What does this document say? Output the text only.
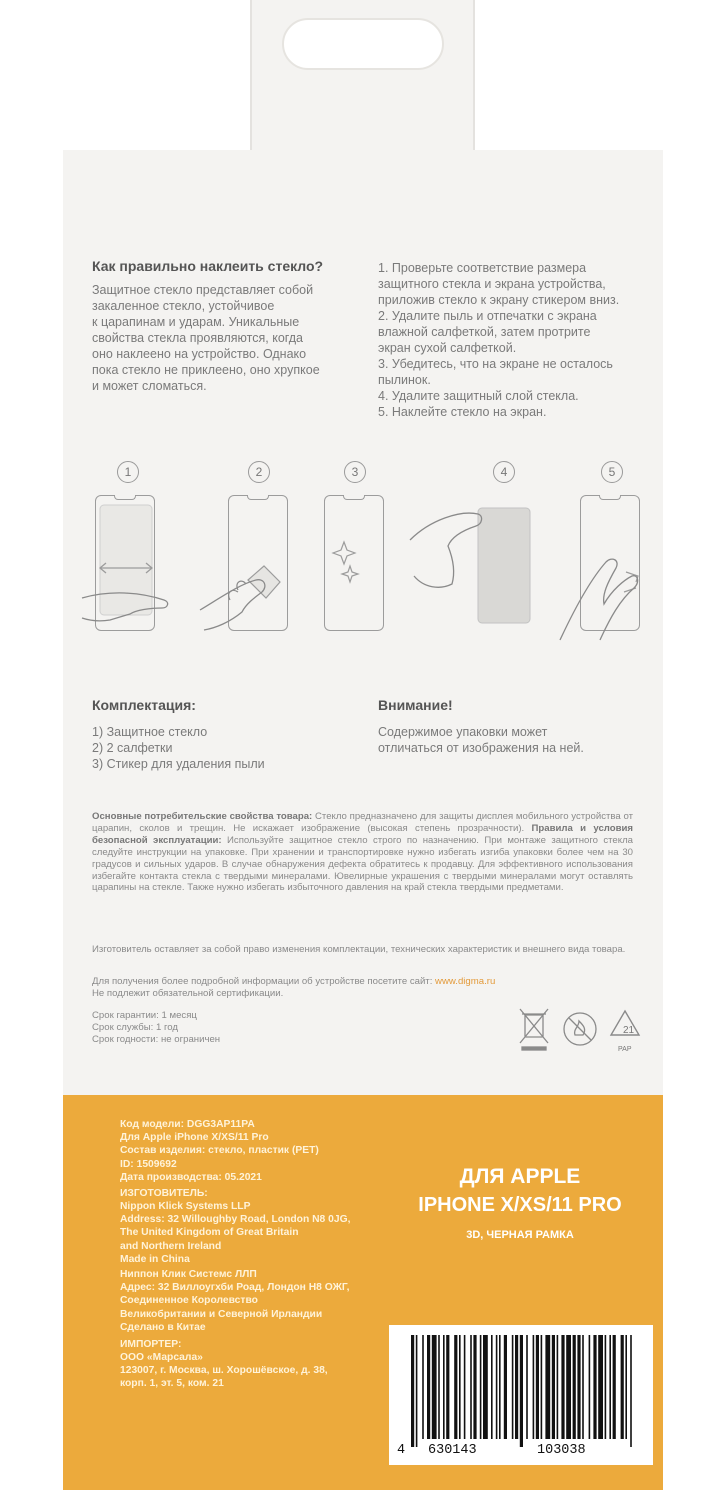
Как правильно наклеить стекло?
Защитное стекло представляет собой
закаленное стекло, устойчивое
к царапинам и ударам. Уникальные
свойства стекла проявляются, когда
оно наклеено на устройство. Однако
пока стекло не приклеено, оно хрупкое
и может сломаться.
1. Проверьте соответствие размера
защитного стекла и экрана устройства,
приложив стекло к экрану стикером вниз.
2. Удалите пыль и отпечатки с экрана
влажной салфеткой, затем протрите
экран сухой салфеткой.
3. Убедитесь, что на экране не осталось
пылинок.
4. Удалите защитный слой стекла.
5. Наклейте стекло на экран.
1	2	3	4	5
Комплектация:
1) Защитное стекло
2) 2 салфетки
3) Стикер для удаления пыли
Внимание!
Содержимое упаковки может
отличаться от изображения на ней.
Основные потребительские свойства товара: Стекло предназначено для защиты дисплея мобильного устройства от царапин, сколов и трещин. Не искажает изображение (высокая степень прозрачности). Правила и условия безопасной эксплуатации: Используйте защитное стекло строго по назначению. При монтаже защитного стекла следуйте инструкции на упаковке. При хранении и транспортировке нужно избегать изгиба упаковки более чем на 30 градусов и сильных ударов. В случае обнаружения дефекта обратитесь к продавцу. Для эффективного использования избегайте контакта стекла с твердыми минералами. Ювелирные украшения с твердыми минералами могут оставлять царапины на стекле. Также нужно избегать избыточного давления на край стекла твердыми предметами.
Изготовитель оставляет за собой право изменения комплектации, технических характеристик и внешнего вида товара.
Для получения более подробной информации об устройстве посетите сайт: www.digma.ru
Не подлежит обязательной сертификации.
Срок гарантии: 1 месяц
Срок службы: 1 год
Срок годности: не ограничен
21
PAP
Код модели: DGG3AP11PA
Для Apple iPhone X/XS/11 Pro
Состав изделия: стекло, пластик (PET)
ID: 1509692
Дата производства: 05.2021
ИЗГОТОВИТЕЛЬ:
Nippon Klick Systems LLP
Address: 32 Willoughby Road, London N8 0JG,
The United Kingdom of Great Britain
and Northern Ireland
Made in China
Ниппон Клик Системс ЛЛП
Адрес: 32 Виллоугхби Роад, Лондон Н8 ОЖГ,
Соединенное Королевство
Великобритании и Северной Ирландии
Сделано в Китае
ИМПОРТЕР:
ООО «Марсала»
123007, г. Москва, ш. Хорошёвское, д. 38,
корп. 1, эт. 5, ком. 21
ДЛЯ APPLE
IPHONE X/XS/11 PRO
3D, ЧЕРНАЯ РАМКА
4 630143	103038
